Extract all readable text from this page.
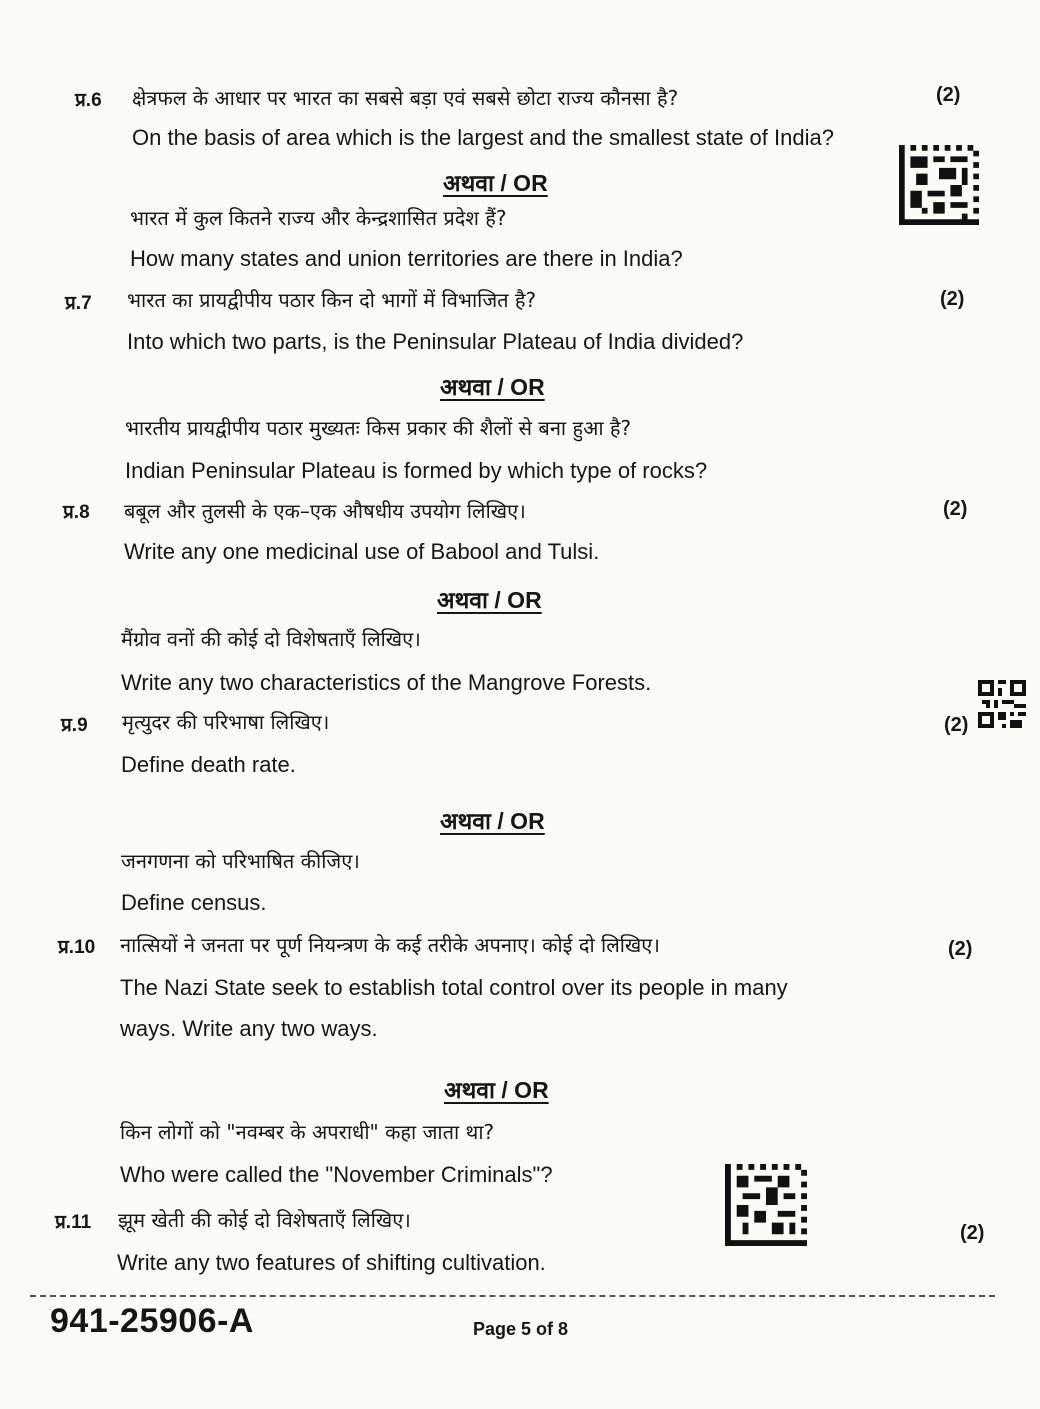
प्र.6 क्षेत्रफल के आधार पर भारत का सबसे बड़ा एवं सबसे छोटा राज्य कौनसा है?	(2)
On the basis of area which is the largest and the smallest state of India?
अथवा / OR
भारत में कुल कितने राज्य और केन्द्रशासित प्रदेश हैं?
How many states and union territories are there in India?
प्र.7 भारत का प्रायद्वीपीय पठार किन दो भागों में विभाजित है?	(2)
Into which two parts, is the Peninsular Plateau of India divided?
अथवा / OR
भारतीय प्रायद्वीपीय पठार मुख्यतः किस प्रकार की शैलों से बना हुआ है?
Indian Peninsular Plateau is formed by which type of rocks?
प्र.8 बबूल और तुलसी के एक–एक औषधीय उपयोग लिखिए।	(2)
Write any one medicinal use of Babool and Tulsi.
अथवा / OR
मैंग्रोव वनों की कोई दो विशेषताएँ लिखिए।
Write any two characteristics of the Mangrove Forests.
प्र.9 मृत्युदर की परिभाषा लिखिए।	(2)
Define death rate.
अथवा / OR
जनगणना को परिभाषित कीजिए।
Define census.
प्र.10 नात्सियों ने जनता पर पूर्ण नियन्त्रण के कई तरीके अपनाए। कोई दो लिखिए।	(2)
The Nazi State seek to establish total control over its people in many
ways. Write any two ways.
अथवा / OR
किन लोगों को "नवम्बर के अपराधी" कहा जाता था?
Who were called the "November Criminals"?
प्र.11 झूम खेती की कोई दो विशेषताएँ लिखिए।
(2)
Write any two features of shifting cultivation.
941-25906-A	Page 5 of 8
